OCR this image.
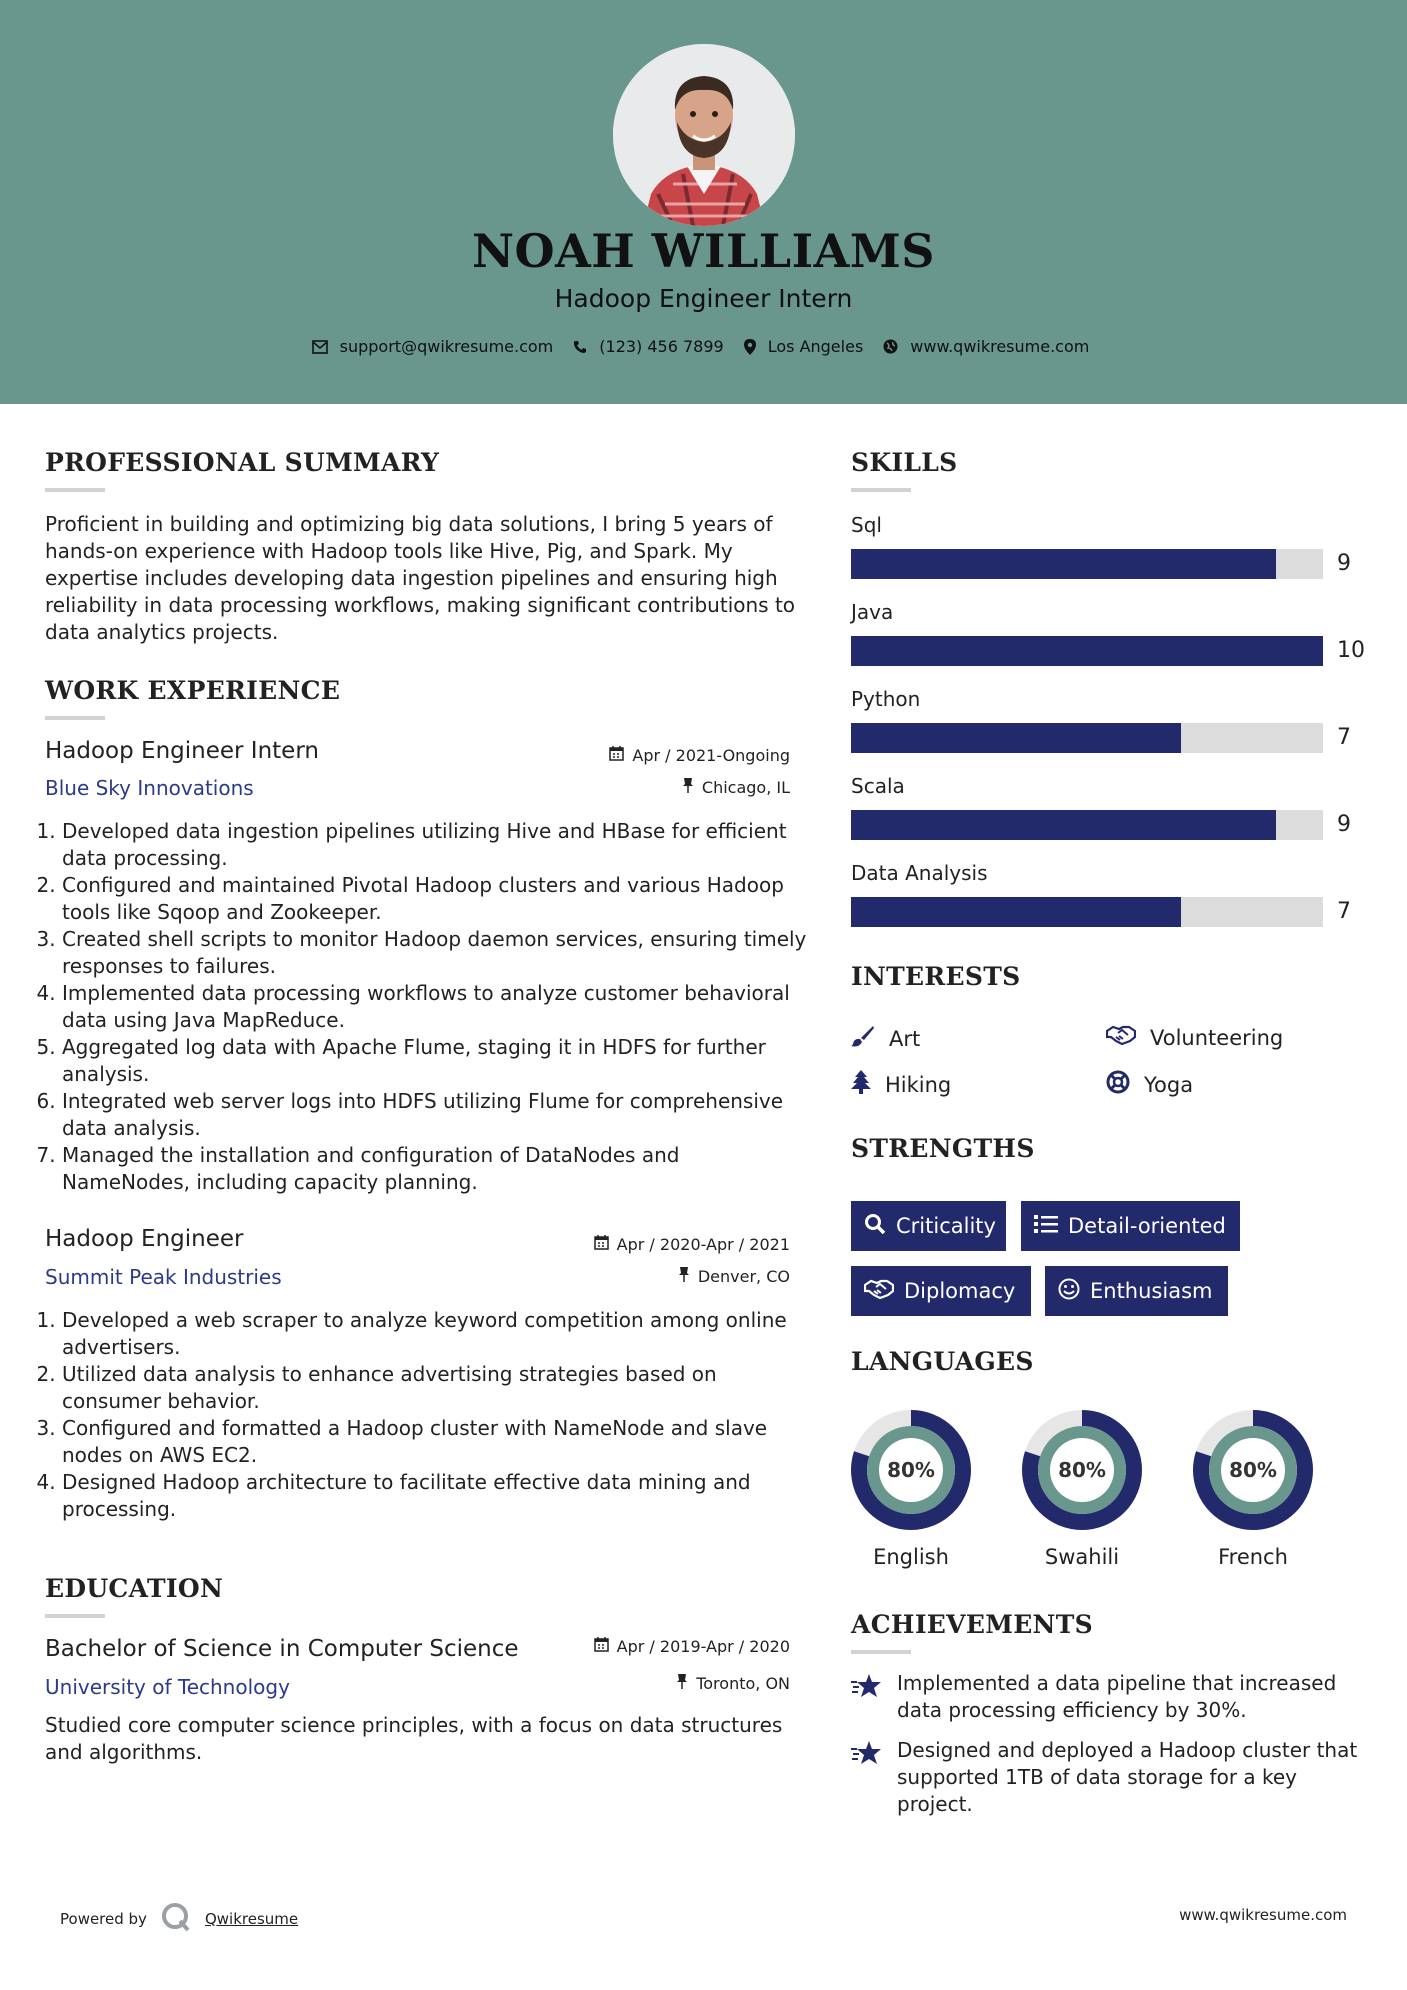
NOAH WILLIAMS
Hadoop Engineer Intern
support@qwikresume.com	(123) 456 7899	Los Angeles	www.qwikresume.com
PROFESSIONAL SUMMARY
Proficient in building and optimizing big data solutions, I bring 5 years of hands-on experience with Hadoop tools like Hive, Pig, and Spark. My expertise includes developing data ingestion pipelines and ensuring high reliability in data processing workflows, making significant contributions to data analytics projects.
WORK EXPERIENCE
Hadoop Engineer Intern
Blue Sky Innovations
Apr / 2021-Ongoing
Chicago, IL
1. Developed data ingestion pipelines utilizing Hive and HBase for efficient data processing.
2. Configured and maintained Pivotal Hadoop clusters and various Hadoop tools like Sqoop and Zookeeper.
3. Created shell scripts to monitor Hadoop daemon services, ensuring timely responses to failures.
4. Implemented data processing workflows to analyze customer behavioral data using Java MapReduce.
5. Aggregated log data with Apache Flume, staging it in HDFS for further analysis.
6. Integrated web server logs into HDFS utilizing Flume for comprehensive data analysis.
7. Managed the installation and configuration of DataNodes and NameNodes, including capacity planning.
Hadoop Engineer
Summit Peak Industries
Apr / 2020-Apr / 2021
Denver, CO
1. Developed a web scraper to analyze keyword competition among online advertisers.
2. Utilized data analysis to enhance advertising strategies based on consumer behavior.
3. Configured and formatted a Hadoop cluster with NameNode and slave nodes on AWS EC2.
4. Designed Hadoop architecture to facilitate effective data mining and processing.
EDUCATION
Bachelor of Science in Computer Science
University of Technology
Apr / 2019-Apr / 2020
Toronto, ON
Studied core computer science principles, with a focus on data structures and algorithms.
SKILLS
Sql
9
Java
10
Python
7
Scala
9
Data Analysis
7
INTERESTS
Art	Volunteering
Hiking	Yoga
STRENGTHS
Criticality	Detail-oriented
Diplomacy	Enthusiasm
LANGUAGES
80%
English
80%
Swahili
80%
French
ACHIEVEMENTS
Implemented a data pipeline that increased data processing efficiency by 30%.
Designed and deployed a Hadoop cluster that supported 1TB of data storage for a key project.
Powered by	Qwikresume	www.qwikresume.com
